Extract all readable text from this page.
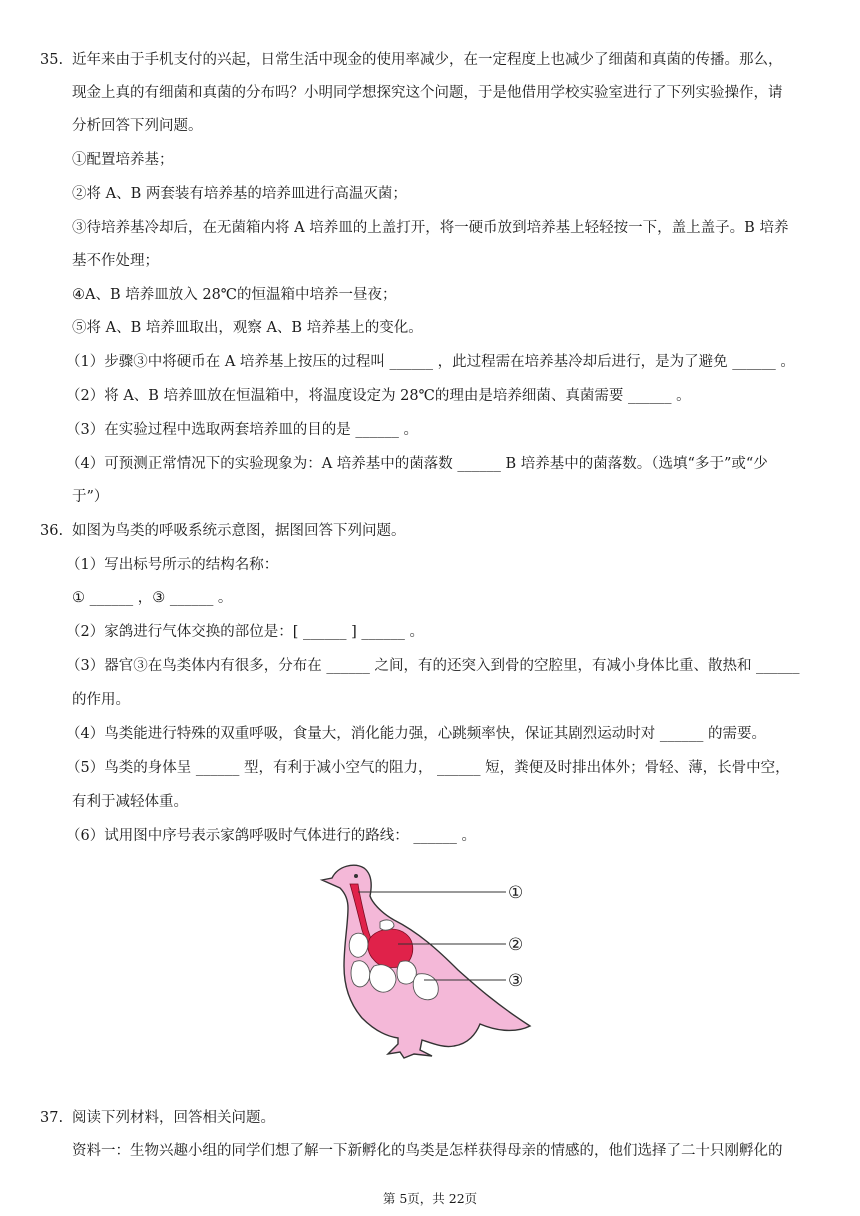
35. 近年来由于手机支付的兴起，日常生活中现金的使用率减少，在一定程度上也减少了细菌和真菌的传播。那么，
现金上真的有细菌和真菌的分布吗？小明同学想探究这个问题，于是他借用学校实验室进行了下列实验操作，请
分析回答下列问题。
①配置培养基；
②将 A、B 两套装有培养基的培养皿进行高温灭菌；
③待培养基冷却后，在无菌箱内将 A 培养皿的上盖打开，将一硬币放到培养基上轻轻按一下，盖上盖子。B 培养
基不作处理；
④A、B 培养皿放入 28℃的恒温箱中培养一昼夜；
⑤将 A、B 培养皿取出，观察 A、B 培养基上的变化。
（1）步骤③中将硬币在 A 培养基上按压的过程叫 ______ ，此过程需在培养基冷却后进行，是为了避免 ______ 。
（2）将 A、B 培养皿放在恒温箱中，将温度设定为 28℃的理由是培养细菌、真菌需要 ______ 。
（3）在实验过程中选取两套培养皿的目的是 ______ 。
（4）可预测正常情况下的实验现象为：A 培养基中的菌落数 ______ B 培养基中的菌落数。（选填“多于”或“少
于”）
36. 如图为鸟类的呼吸系统示意图，据图回答下列问题。
（1）写出标号所示的结构名称：
① ______ ，③ ______ 。
（2）家鸽进行气体交换的部位是：[ ______ ] ______ 。
（3）器官③在鸟类体内有很多，分布在 ______ 之间，有的还突入到骨的空腔里，有减小身体比重、散热和 ______
的作用。
（4）鸟类能进行特殊的双重呼吸，食量大，消化能力强，心跳频率快，保证其剧烈运动时对 ______ 的需要。
（5）鸟类的身体呈 ______ 型，有利于减小空气的阻力， ______ 短，粪便及时排出体外；骨轻、薄，长骨中空，
有利于减轻体重。
（6）试用图中序号表示家鸽呼吸时气体进行的路线： ______ 。
①
②
③
37. 阅读下列材料，回答相关问题。
资料一：生物兴趣小组的同学们想了解一下新孵化的鸟类是怎样获得母亲的情感的，他们选择了二十只刚孵化的
第 5页，共 22页
